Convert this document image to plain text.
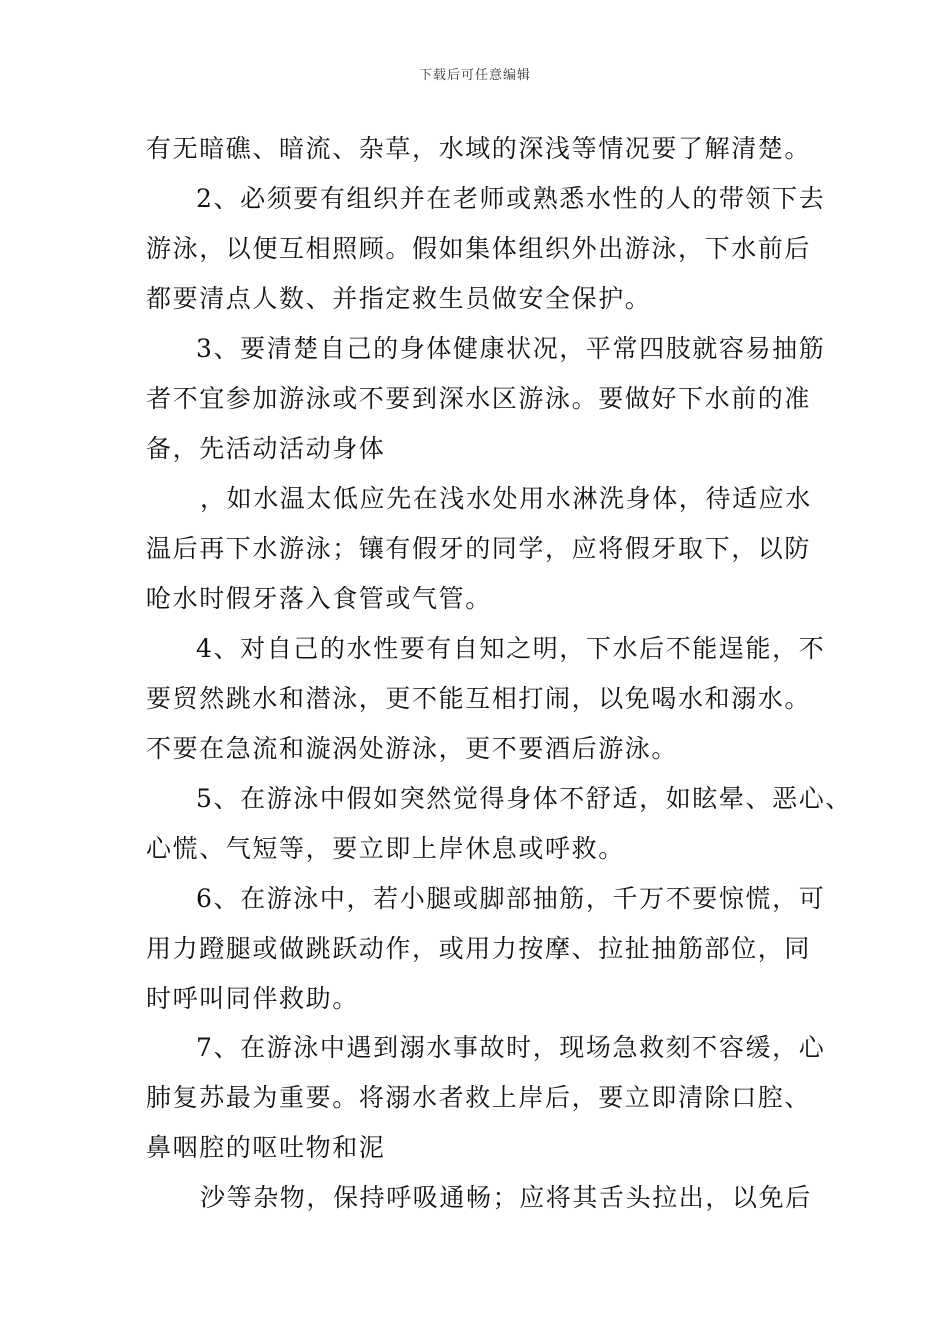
下载后可任意编辑
有无暗礁、暗流、杂草，水域的深浅等情况要了解清楚。
2、必须要有组织并在老师或熟悉水性的人的带领下去
游泳，以便互相照顾。假如集体组织外出游泳，下水前后
都要清点人数、并指定救生员做安全保护。
3、要清楚自己的身体健康状况，平常四肢就容易抽筋
者不宜参加游泳或不要到深水区游泳。要做好下水前的准
备，先活动活动身体
，如水温太低应先在浅水处用水淋洗身体，待适应水
温后再下水游泳；镶有假牙的同学，应将假牙取下，以防
呛水时假牙落入食管或气管。
4、对自己的水性要有自知之明，下水后不能逞能，不
要贸然跳水和潜泳，更不能互相打闹，以免喝水和溺水。
不要在急流和漩涡处游泳，更不要酒后游泳。
5、在游泳中假如突然觉得身体不舒适，如眩晕、恶心、
心慌、气短等，要立即上岸休息或呼救。
6、在游泳中，若小腿或脚部抽筋，千万不要惊慌，可
用力蹬腿或做跳跃动作，或用力按摩、拉扯抽筋部位，同
时呼叫同伴救助。
7、在游泳中遇到溺水事故时，现场急救刻不容缓，心
肺复苏最为重要。将溺水者救上岸后，要立即清除口腔、
鼻咽腔的呕吐物和泥
沙等杂物，保持呼吸通畅；应将其舌头拉出，以免后
